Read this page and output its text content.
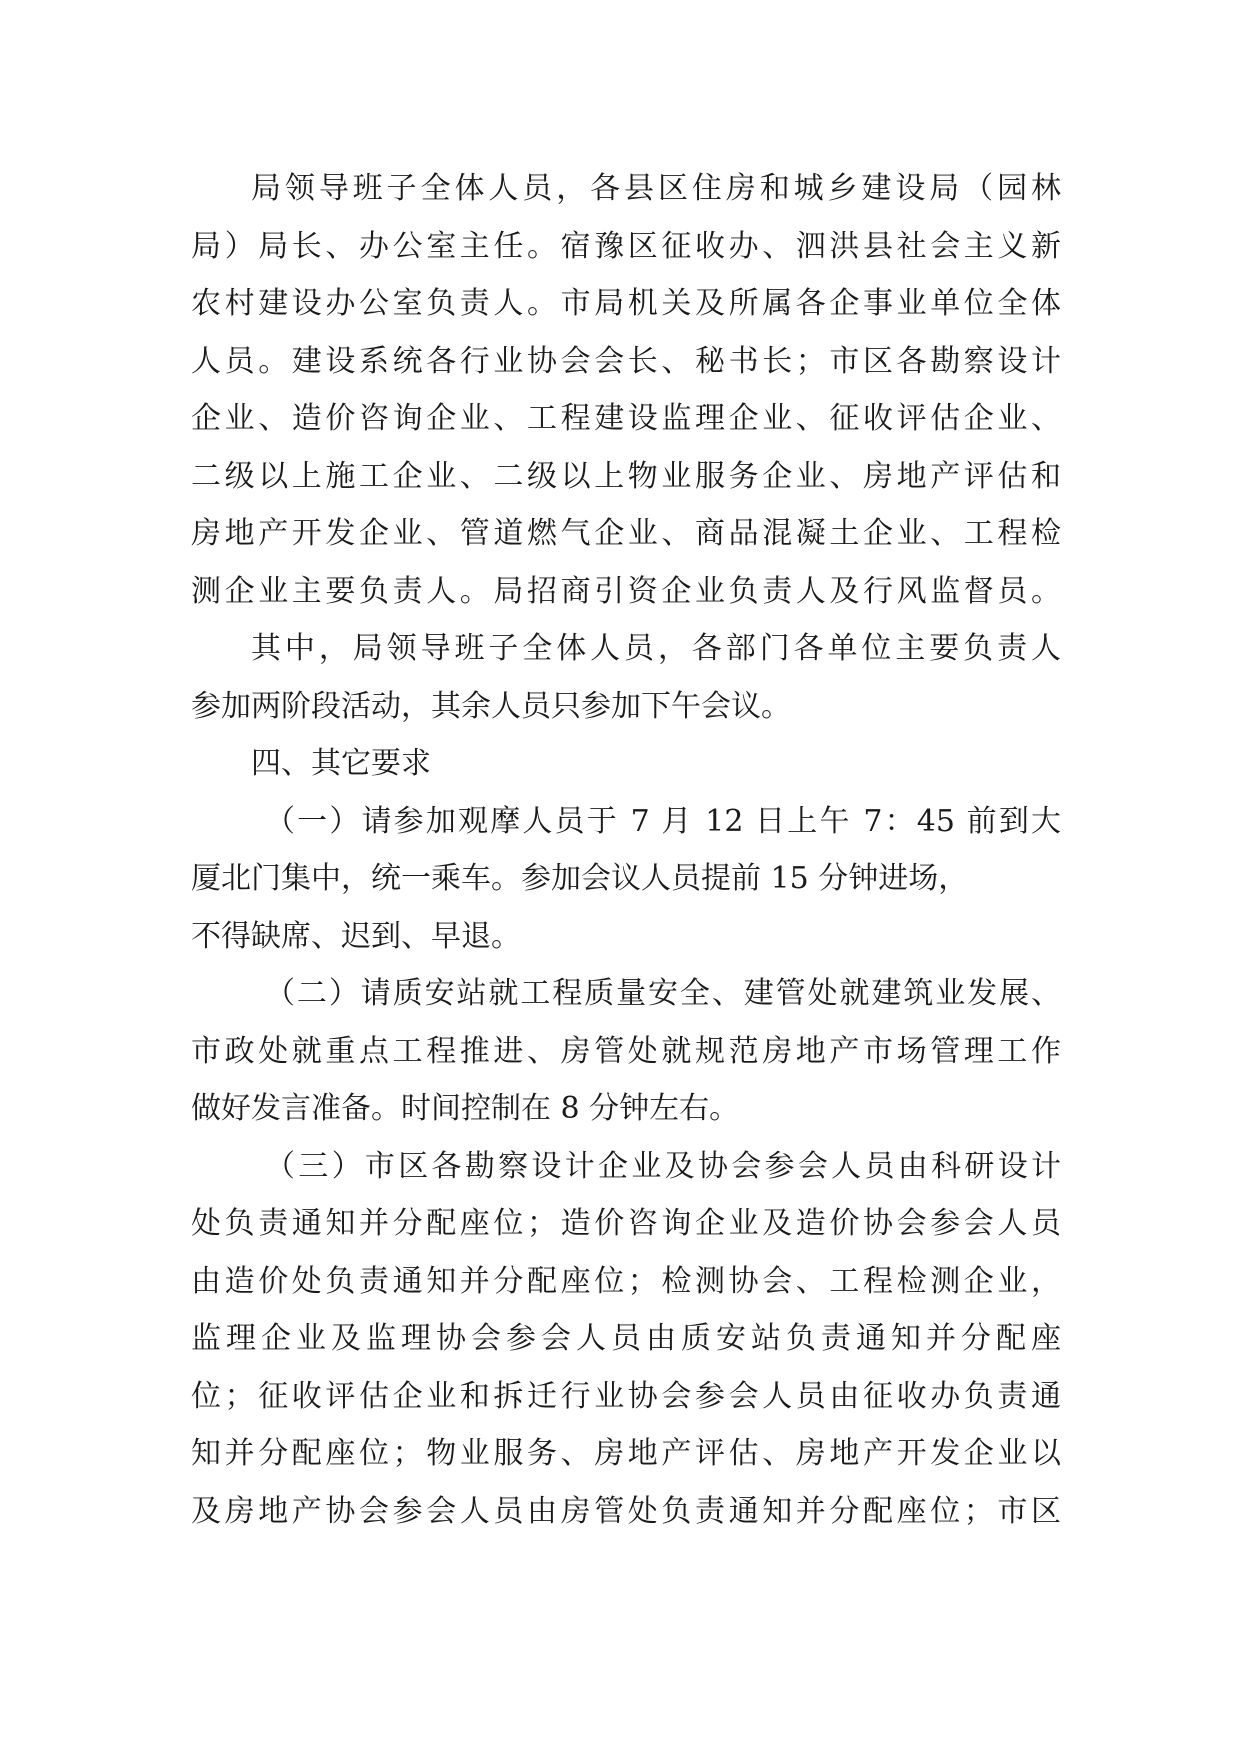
局领导班子全体人员，各县区住房和城乡建设局（园林
局）局长、办公室主任。宿豫区征收办、泗洪县社会主义新
农村建设办公室负责人。市局机关及所属各企事业单位全体
人员。建设系统各行业协会会长、秘书长；市区各勘察设计
企业、造价咨询企业、工程建设监理企业、征收评估企业、
二级以上施工企业、二级以上物业服务企业、房地产评估和
房地产开发企业、管道燃气企业、商品混凝土企业、工程检
测企业主要负责人。局招商引资企业负责人及行风监督员。
其中，局领导班子全体人员，各部门各单位主要负责人
参加两阶段活动，其余人员只参加下午会议。
四、其它要求
（一）请参加观摩人员于 7 月 12 日上午 7：45 前到大
厦北门集中，统一乘车。参加会议人员提前 15 分钟进场，
不得缺席、迟到、早退。
（二）请质安站就工程质量安全、建管处就建筑业发展、
市政处就重点工程推进、房管处就规范房地产市场管理工作
做好发言准备。时间控制在 8 分钟左右。
（三）市区各勘察设计企业及协会参会人员由科研设计
处负责通知并分配座位；造价咨询企业及造价协会参会人员
由造价处负责通知并分配座位；检测协会、工程检测企业，
监理企业及监理协会参会人员由质安站负责通知并分配座
位；征收评估企业和拆迁行业协会参会人员由征收办负责通
知并分配座位；物业服务、房地产评估、房地产开发企业以
及房地产协会参会人员由房管处负责通知并分配座位；市区
